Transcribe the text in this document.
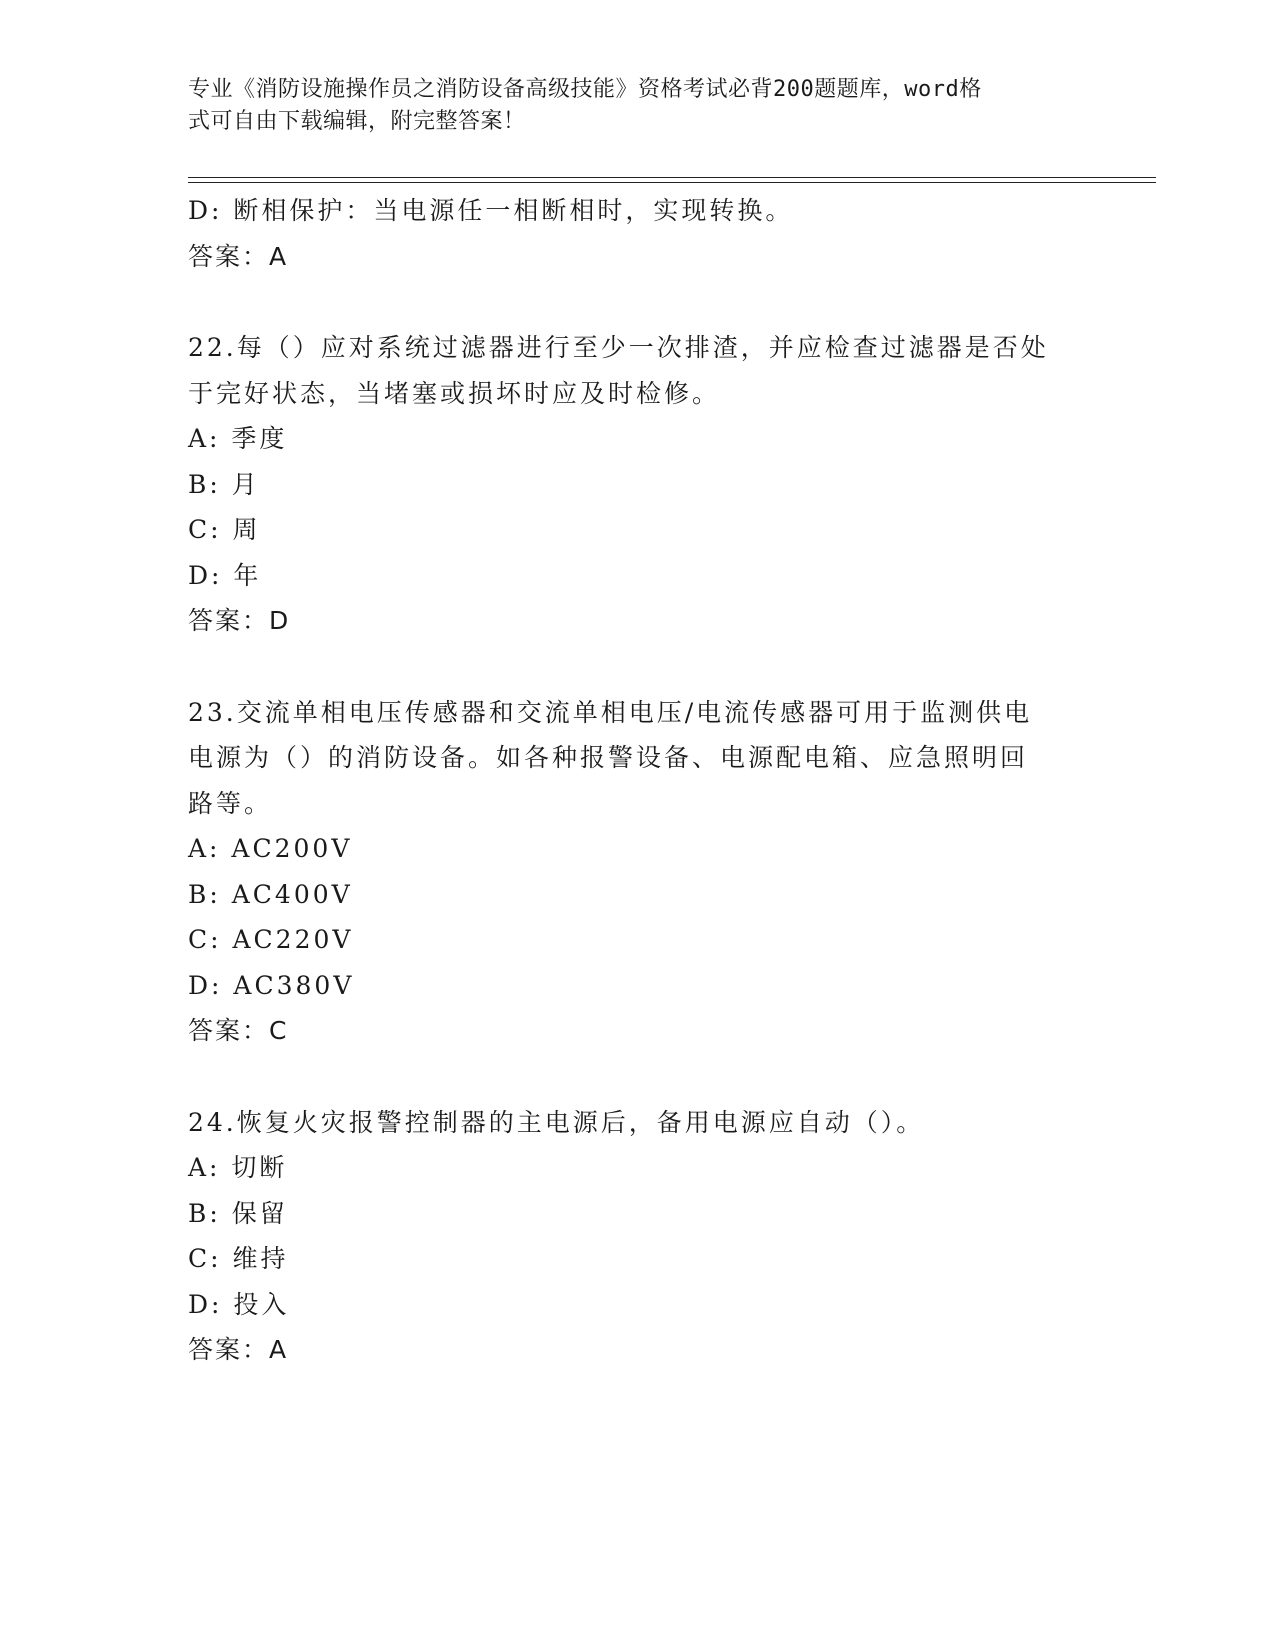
专业《消防设施操作员之消防设备高级技能》资格考试必背200题题库，word格
式可自由下载编辑，附完整答案！
D: 断相保护：当电源任一相断相时，实现转换。
答案：A
22.每（）应对系统过滤器进行至少一次排渣，并应检查过滤器是否处
于完好状态，当堵塞或损坏时应及时检修。
A: 季度
B: 月
C: 周
D: 年
答案：D
23.交流单相电压传感器和交流单相电压/电流传感器可用于监测供电
电源为（）的消防设备。如各种报警设备、电源配电箱、应急照明回
路等。
A: AC200V
B: AC400V
C: AC220V
D: AC380V
答案：C
24.恢复火灾报警控制器的主电源后，备用电源应自动（）。
A: 切断
B: 保留
C: 维持
D: 投入
答案：A
